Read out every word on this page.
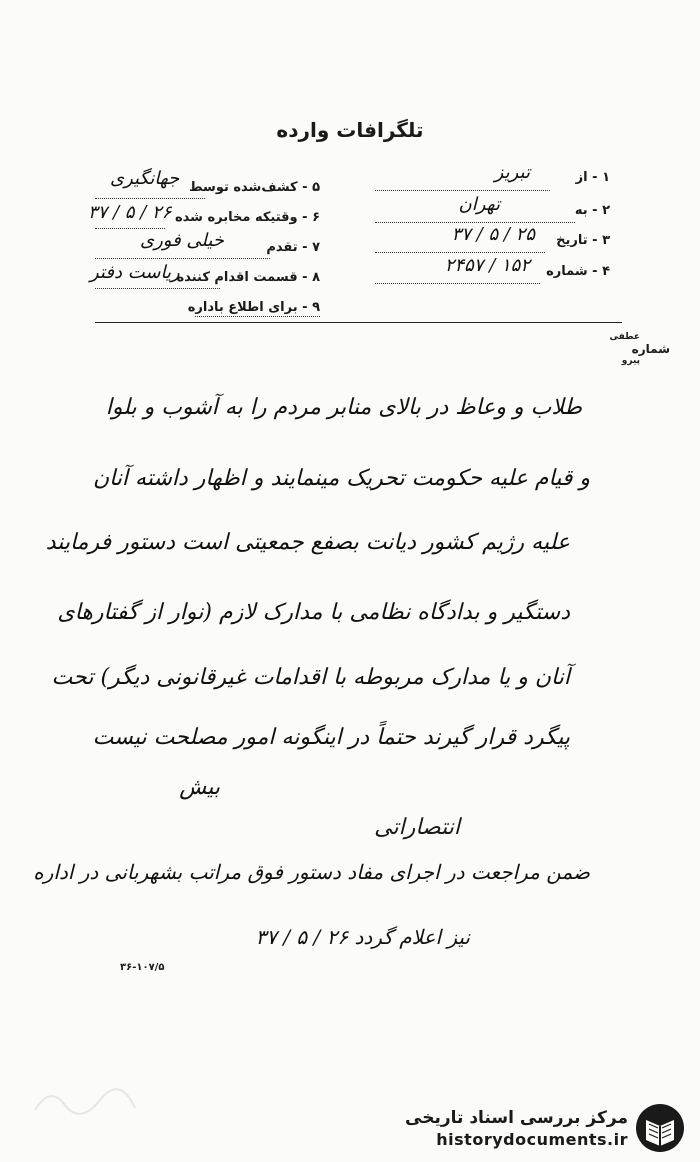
تلگرافات وارده
۱ - از
تبریز
۲ - به
تهران
۳ - تاریخ
۲۵ / ۵ / ۳۷
۴ - شماره
۱۵۲ / ۲۴۵۷
۵ - کشف‌شده توسط
جهانگیری
۶ - وقتیکه مخابره شده
۲۶ / ۵ / ۳۷
۷ - تقدم
خیلی فوری
۸ - قسمت اقدام کننده
ریاست دفتر
۹ - برای اطلاع باداره
عطفی
شماره
پیرو
طلاب و وعاظ در بالای منابر مردم را به آشوب و بلوا
و قیام علیه حکومت تحریک مینمایند و اظهار داشته آنان
علیه رژیم کشور دیانت بصفع جمعیتی است دستور فرمایند
دستگیر و بدادگاه نظامی با مدارک لازم (نوار از گفتارهای
آنان و یا مدارک مربوطه با اقدامات غیرقانونی دیگر) تحت
پیگرد قرار گیرند حتماً در اینگونه امور مصلحت نیست
بیش
انتصاراتی
ضمن مراجعت در اجرای مفاد دستور فوق مراتب بشهربانی در اداره
نیز اعلام گردد ۲۶ / ۵ / ۳۷
۳۶-۱۰۷/۵
مرکز بررسی اسناد تاریخی
historydocuments.ir
